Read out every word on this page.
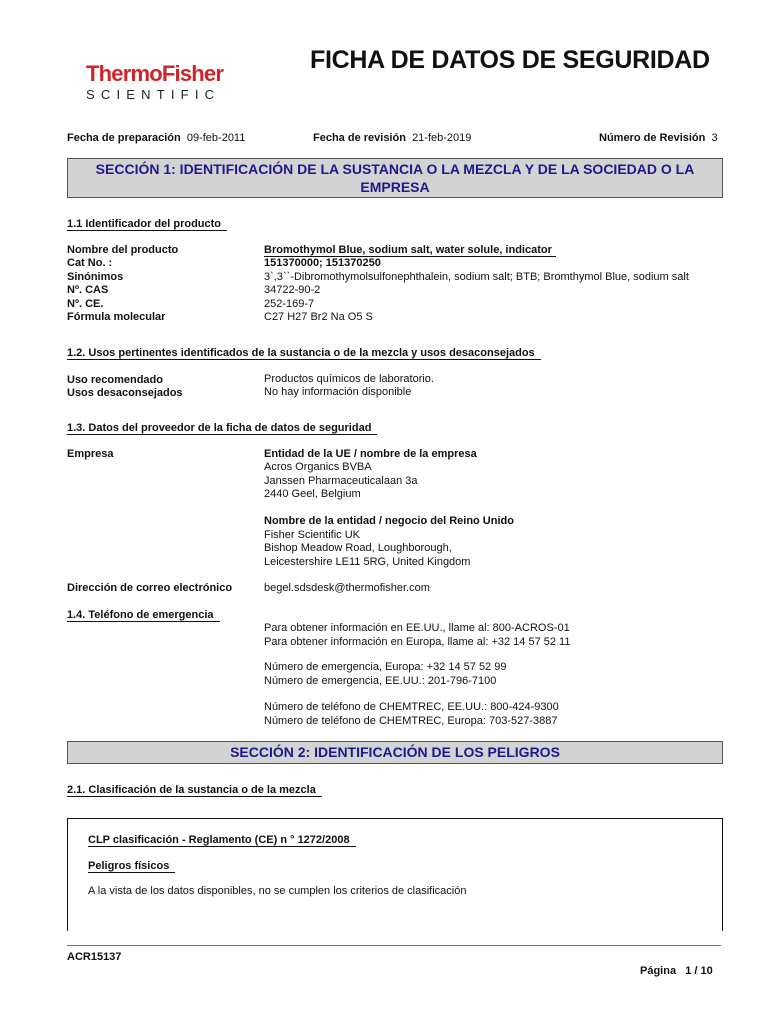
ThermoFisher
SCIENTIFIC
FICHA DE DATOS DE SEGURIDAD
Fecha de preparación 09-feb-2011	Fecha de revisión 21-feb-2019	Número de Revisión 3
SECCIÓN 1: IDENTIFICACIÓN DE LA SUSTANCIA O LA MEZCLA Y DE LA SOCIEDAD O LA
EMPRESA
1.1 Identificador del producto
Nombre del producto	Bromothymol Blue, sodium salt, water solule, indicator
Cat No. :	151370000; 151370250
Sinónimos	3`,3``-Dibromothymolsulfonephthalein, sodium salt; BTB; Bromthymol Blue, sodium salt
Nº. CAS	34722-90-2
Nº. CE.	252-169-7
Fórmula molecular	C27 H27 Br2 Na O5 S
1.2. Usos pertinentes identificados de la sustancia o de la mezcla y usos desaconsejados
Uso recomendado	Productos químicos de laboratorio.
Usos desaconsejados	No hay información disponible
1.3. Datos del proveedor de la ficha de datos de seguridad
Empresa	Entidad de la UE / nombre de la empresa
Acros Organics BVBA
Janssen Pharmaceuticalaan 3a
2440 Geel, Belgium
Nombre de la entidad / negocio del Reino Unido
Fisher Scientific UK
Bishop Meadow Road, Loughborough,
Leicestershire LE11 5RG, United Kingdom
Dirección de correo electrónico	begel.sdsdesk@thermofisher.com
1.4. Teléfono de emergencia
Para obtener información en EE.UU., llame al: 800-ACROS-01
Para obtener información en Europa, llame al: +32 14 57 52 11
Número de emergencia, Europa: +32 14 57 52 99
Número de emergencia, EE.UU.: 201-796-7100
Número de teléfono de CHEMTREC, EE.UU.: 800-424-9300
Número de teléfono de CHEMTREC, Europa: 703-527-3887
SECCIÓN 2: IDENTIFICACIÓN DE LOS PELIGROS
2.1. Clasificación de la sustancia o de la mezcla
CLP clasificación - Reglamento (CE) n ° 1272/2008
Peligros físicos
A la vista de los datos disponibles, no se cumplen los criterios de clasificación
ACR15137
Página 1 / 10
